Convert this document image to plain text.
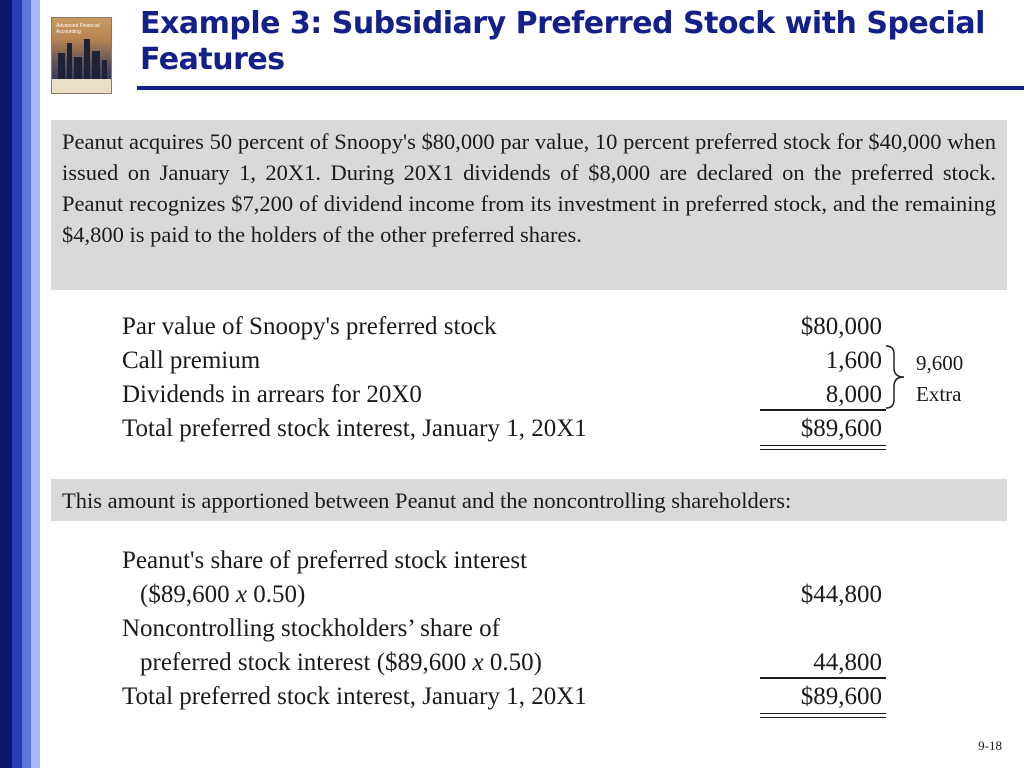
Advanced Financial Accounting	Example 3: Subsidiary Preferred Stock with Special Features

Peanut acquires 50 percent of Snoopy's $80,000 par value, 10 percent preferred stock for $40,000 when issued on January 1, 20X1. During 20X1 dividends of $8,000 are declared on the preferred stock. Peanut recognizes $7,200 of dividend income from its investment in preferred stock, and the remaining $4,800 is paid to the holders of the other preferred shares.

Par value of Snoopy's preferred stock	$80,000
Call premium	1,600
Dividends in arrears for 20X0	8,000
Total preferred stock interest, January 1, 20X1	$89,600
9,600
Extra

This amount is apportioned between Peanut and the noncontrolling shareholders:

Peanut's share of preferred stock interest
($89,600 x 0.50)	$44,800
Noncontrolling stockholders’ share of
preferred stock interest ($89,600 x 0.50)	44,800
Total preferred stock interest, January 1, 20X1	$89,600
9-18
